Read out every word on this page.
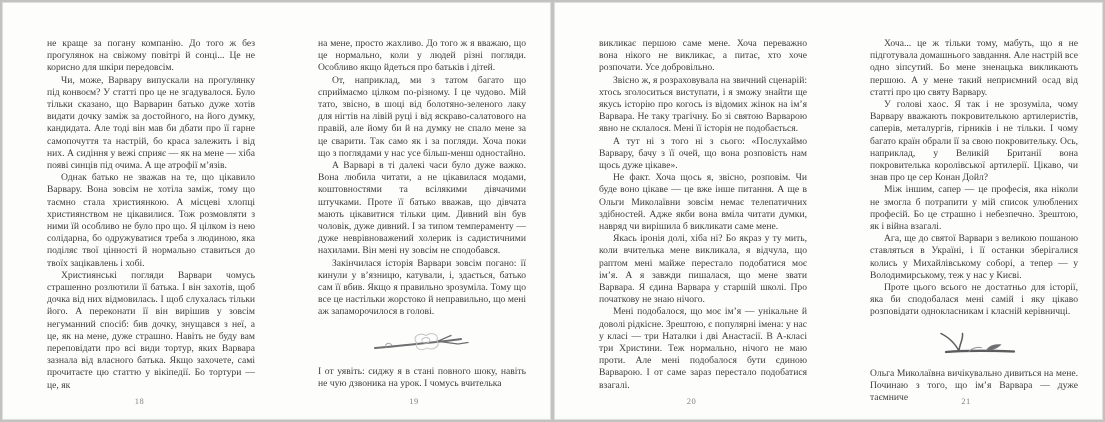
не краще за погану компанію. До того ж без прогулянок на свіжому повітрі й сонці... Це не корисно для шкіри передовсім.

Чи, може, Варвару випускали на прогулянку під конвоєм? У статті про це не згадувалося. Було тільки сказано, що Варварин батько дуже хотів видати дочку заміж за достойного, на його думку, кандидата. Але тоді він мав би дбати про її гарне самопочуття та настрій, бо краса залежить і від них. А сидіння у вежі сприяє — як на мене — хіба появі синців під очима. А ще атрофії м’язів.

Однак батько не зважав на те, що цікавило Варвару. Вона зовсім не хотіла заміж, тому що таємно стала християнкою. А місцеві хлопці християнством не цікавилися. Тож розмовляти з ними їй особливо не було про що. Я цілком із нею солідарна, бо одружуватися треба з людиною, яка поділяє твої цінності й нормально ставиться до твоїх зацікавлень і хобі.

Християнські погляди Варвари чомусь страшенно розлютили її батька. І він захотів, щоб дочка від них відмовилась. І щоб слухалась тільки його. А переконати її він вирішив у зовсім негуманний спосіб: бив дочку, знущався з неї, а це, як на мене, дуже страшно. Навіть не буду вам переповідати про всі види тортур, яких Варвара зазнала від власного батька. Якщо захочете, самі прочитаєте цю статтю у вікіпедії. Бо тортури — це, як

18

на мене, просто жахливо. До того ж я вважаю, що це нормально, коли у людей різні погляди. Особливо якщо йдеться про батьків і дітей.

От, наприклад, ми з татом багато що сприймаємо цілком по-різному. І це чудово. Мій тато, звісно, в шоці від болотяно-зеленого лаку для нігтів на лівій руці і від яскраво-салатового на правій, але йому би й на думку не спало мене за це сварити. Так само як і за погляди. Хоча поки що з поглядами у нас усе більш-менш одностайно.

А Варварі в ті далекі часи було дуже важко. Вона любила читати, а не цікавилася модами, коштовностями та всілякими дівчачими штучками. Проте її батько вважав, що дівчата мають цікавитися тільки цим. Дивний він був чоловік, дуже дивний. І за типом темпераменту — дуже неврівноважений холерик із садистичними нахилами. Він мені ну зовсім не сподобався.

Закінчилася історія Варвари зовсім погано: її кинули у в’язницю, катували, і, здається, батько сам її вбив. Якщо я правильно зрозуміла. Тому що все це настільки жорстоко й неправильно, що мені аж запаморочилося в голові.

І от уявіть: сиджу я в стані повного шоку, навіть не чую дзвоника на урок. І чомусь вчителька

19

викликає першою саме мене. Хоча переважно вона нікого не викликає, а питає, хто хоче розпочати. Усе добровільно.

Звісно ж, я розраховувала на звичний сценарій: хтось зголоситься виступати, і я зможу знайти ще якусь історію про когось із відомих жінок на ім’я Варвара. Не таку трагічну. Бо зі святою Варварою явно не склалося. Мені її історія не подобається.

А тут ні з того ні з сього: «Послухаймо Варвару, бачу з її очей, що вона розповість нам щось дуже цікаве».

Не факт. Хоча щось я, звісно, розповім. Чи буде воно цікаве — це вже інше питання. А ще в Ольги Миколаївни зовсім немає телепатичних здібностей. Адже якби вона вміла читати думки, навряд чи вирішила б викликати саме мене.

Якась іронія долі, хіба ні? Бо якраз у ту мить, коли вчителька мене викликала, я відчула, що раптом мені майже перестало подобатися моє ім’я. А я завжди пишалася, що мене звати Варвара. Я єдина Варвара у старшій школі. Про початкову не знаю нічого.

Мені подобалося, що моє ім’я — унікальне й доволі рідкісне. Зрештою, є популярні імена: у нас у класі — три Наталки і дві Анастасії. В А-класі три Христини. Теж нормально, нічого не маю проти. Але мені подобалося бути єдиною Варварою. І от саме зараз перестало подобатися взагалі.

20

Хоча... це ж тільки тому, мабуть, що я не підготувала домашнього завдання. Але настрій все одно зіпсутий. Бо мене зненацька викликають першою. А у мене такий неприємний осад від статті про цю святу Варвару.

У голові хаос. Я так і не зрозуміла, чому Варвару вважають покровителькою артилеристів, саперів, металургів, гірників і не тільки. І чому багато країн обрали її за свою покровительку. Ось, наприклад, у Великій Британії вона покровителька королівської артилерії. Цікаво, чи знав про це сер Конан Дойл?

Між іншим, сапер — це професія, яка ніколи не змогла б потрапити у мій список улюблених професій. Бо це страшно і небезпечно. Зрештою, як і війна взагалі.

Ага, ще до святої Варвари з великою пошаною ставляться в Україні, і її останки зберігалися колись у Михайлівському соборі, а тепер — у Володимирському, теж у нас у Києві.

Проте цього всього не достатньо для історії, яка би сподобалася мені самій і яку цікаво розповідати однокласникам і класній керівничці.

Ольга Миколаївна вичікувально дивиться на мене. Починаю з того, що ім’я Варвара — дуже таємниче	21
